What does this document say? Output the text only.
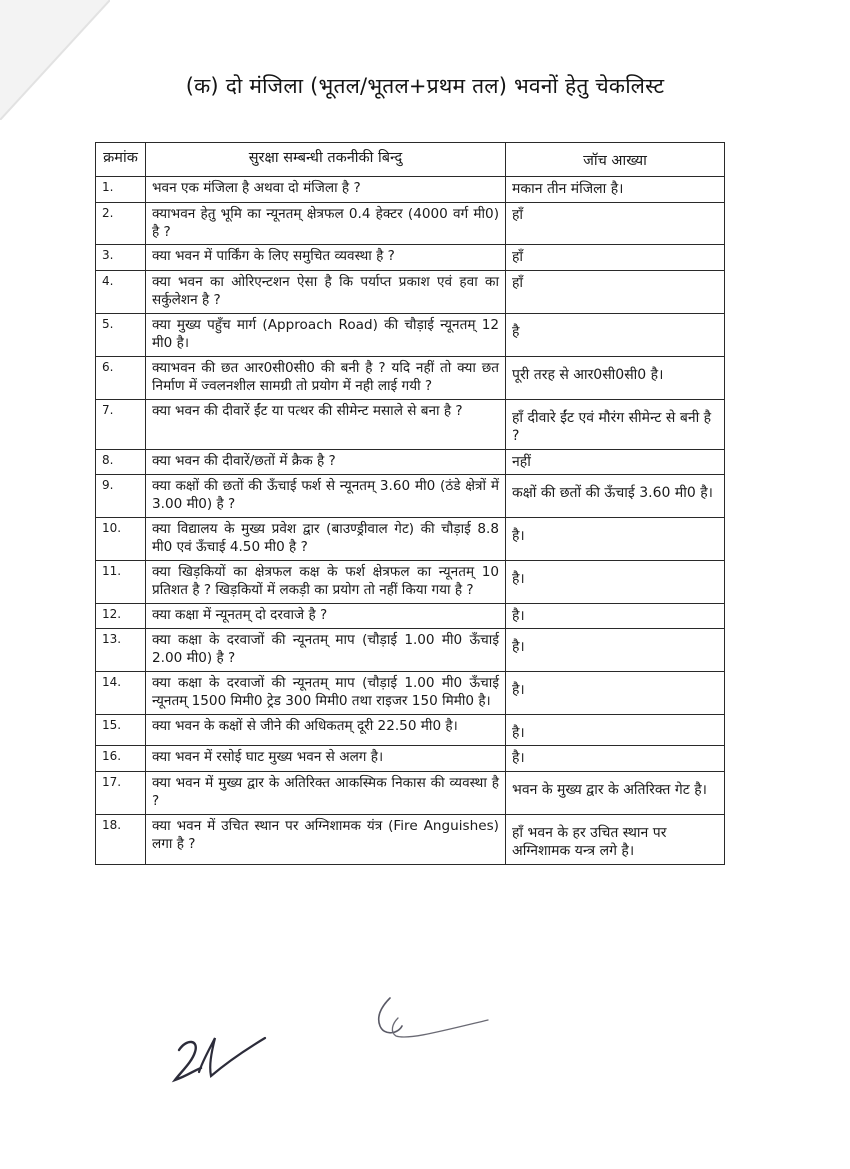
(क) दो मंजिला (भूतल/भूतल+प्रथम तल) भवनों हेतु चेकलिस्ट
क्रमांक	सुरक्षा सम्बन्धी तकनीकी बिन्दु	जॉच आख्या
1.	भवन एक मंजिला है अथवा दो मंजिला है ?	मकान तीन मंजिला है।
2.	क्याभवन हेतु भूमि का न्यूनतम् क्षेत्रफल 0.4 हेक्टर (4000 वर्ग मी0) है ?	हाँ
3.	क्या भवन में पार्किंग के लिए समुचित व्यवस्था है ?	हाँ
4.	क्या भवन का ओरिएन्टशन ऐसा है कि पर्याप्त प्रकाश एवं हवा का सर्कुलेशन है ?	हाँ
5.	क्या मुख्य पहुँच मार्ग (Approach Road) की चौड़ाई न्यूनतम् 12 मी0 है।	है
6.	क्याभवन की छत आर0सी0सी0 की बनी है ? यदि नहीं तो क्या छत निर्माण में ज्वलनशील सामग्री तो प्रयोग में नही लाई गयी ?	पूरी तरह से आर0सी0सी0 है।
7.	क्या भवन की दीवारें ईंट या पत्थर की सीमेन्ट मसाले से बना है ?	हाँ दीवारे ईंट एवं मौरंग सीमेन्ट से बनी है ?
8.	क्या भवन की दीवारें/छतों में क्रैक है ?	नहीं
9.	क्या कक्षों की छतों की ऊँचाई फर्श से न्यूनतम् 3.60 मी0 (ठंडे क्षेत्रों में 3.00 मी0) है ?	कक्षों की छतों की ऊँचाई 3.60 मी0 है।
10.	क्या विद्यालय के मुख्य प्रवेश द्वार (बाउण्ड्रीवाल गेट) की चौड़ाई 8.8 मी0 एवं ऊँचाई 4.50 मी0 है ?	है।
11.	क्या खिड़कियों का क्षेत्रफल कक्ष के फर्श क्षेत्रफल का न्यूनतम् 10 प्रतिशत है ? खिड़कियों में लकड़ी का प्रयोग तो नहीं किया गया है ?	है।
12.	क्या कक्षा में न्यूनतम् दो दरवाजे है ?	है।
13.	क्या कक्षा के दरवाजों की न्यूनतम् माप (चौड़ाई 1.00 मी0 ऊँचाई 2.00 मी0) है ?	है।
14.	क्या कक्षा के दरवाजों की न्यूनतम् माप (चौड़ाई 1.00 मी0 ऊँचाई न्यूनतम् 1500 मिमी0 ट्रेड 300 मिमी0 तथा राइजर 150 मिमी0 है।	है।
15.	क्या भवन के कक्षों से जीने की अधिकतम् दूरी 22.50 मी0 है।	है।
16.	क्या भवन में रसोई घाट मुख्य भवन से अलग है।	है।
17.	क्या भवन में मुख्य द्वार के अतिरिक्त आकस्मिक निकास की व्यवस्था है ?	भवन के मुख्य द्वार के अतिरिक्त गेट है।
18.	क्या भवन में उचित स्थान पर अग्निशामक यंत्र (Fire Anguishes) लगा है ?	हाँ भवन के हर उचित स्थान पर अग्निशामक यन्त्र लगे है।
